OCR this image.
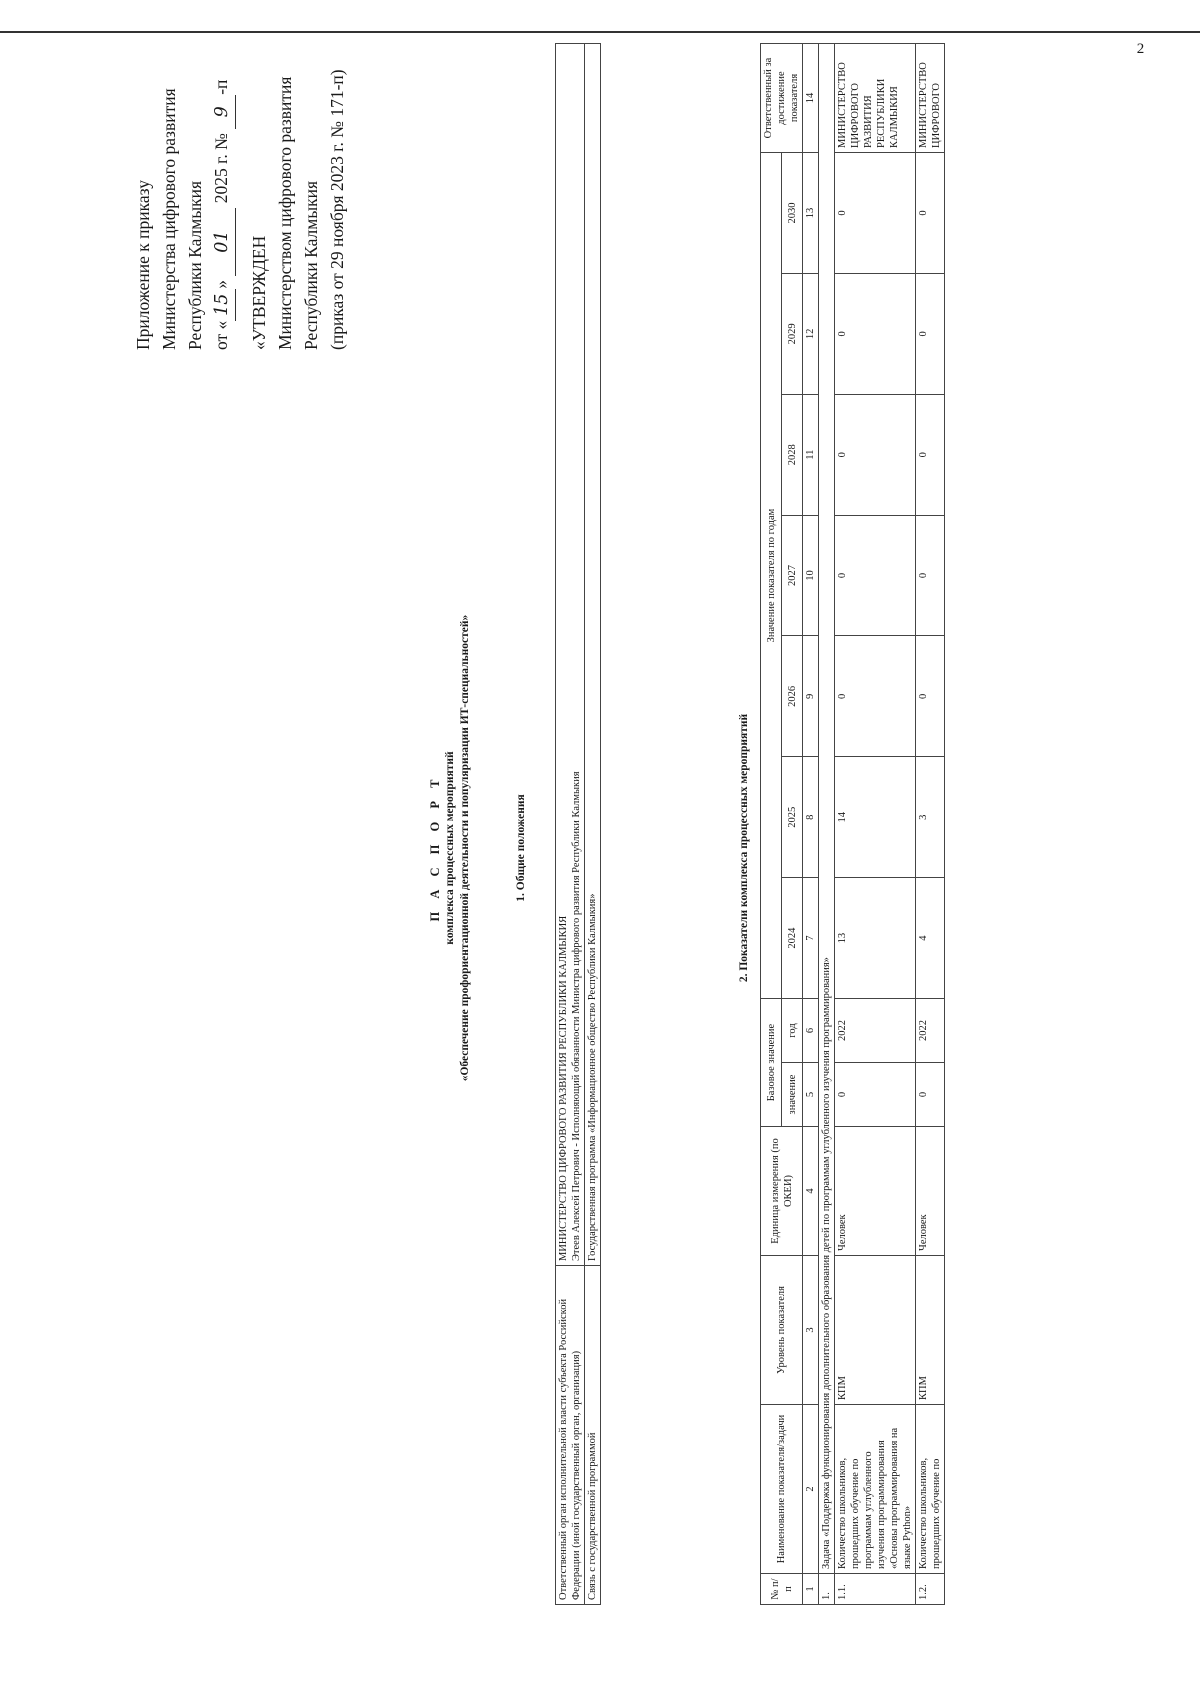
2
Приложение к приказу Министерства цифрового развития Республики Калмыкия от «15» 01 2025 г. № 9-п
«УТВЕРЖДЕН Министерством цифрового развития Республики Калмыкия (приказ от 29 ноября 2023 г. № 171-п)
П А С П О Р Т комплекса процессных мероприятий «Обеспечение профориентационной деятельности и популяризации ИТ-специальностей»	1. Общие положения
Ответственный орган исполнительной власти субъекта Российской Федерации (иной государственный орган, организация)	МИНИСТЕРСТВО ЦИФРОВОГО РАЗВИТИЯ РЕСПУБЛИКИ КАЛМЫКИЯ Этеев Алексей Петрович - Исполняющий обязанности Министра цифрового развития Республики Калмыкия

Связь с государственной программой	Государственная программа «Информационное общество Республики Калмыкия»
2. Показатели комплекса процессных мероприятий
№ п/п	Наименование показателя/задачи	Уровень показателя	Единица измерения (по ОКЕИ)	Базовое значение		Значение показателя по годам							Ответственный за достижение показателя
				значение	год	2024	2025	2026	2027	2028	2029	2030	
1	2	3	4	5	6	7	8	9	10	11	12	13	14
1.	Задача «Поддержка функционирования дополнительного образования детей по программам углубленного изучения программирования»												
1.1.	Количество школьников, прошедших обучение по программам углубленного изучения программирования «Основы программирования на языке Python»	КПМ	Человек	0	2022	13	14	0	0	0	0	0	МИНИСТЕРСТВО ЦИФРОВОГО РАЗВИТИЯ РЕСПУБЛИКИ КАЛМЫКИЯ
1.2.	Количество школьников, прошедших обучение по	КПМ	Человек	0	2022	4	3	0	0	0	0	0	МИНИСТЕРСТВО ЦИФРОВОГО
